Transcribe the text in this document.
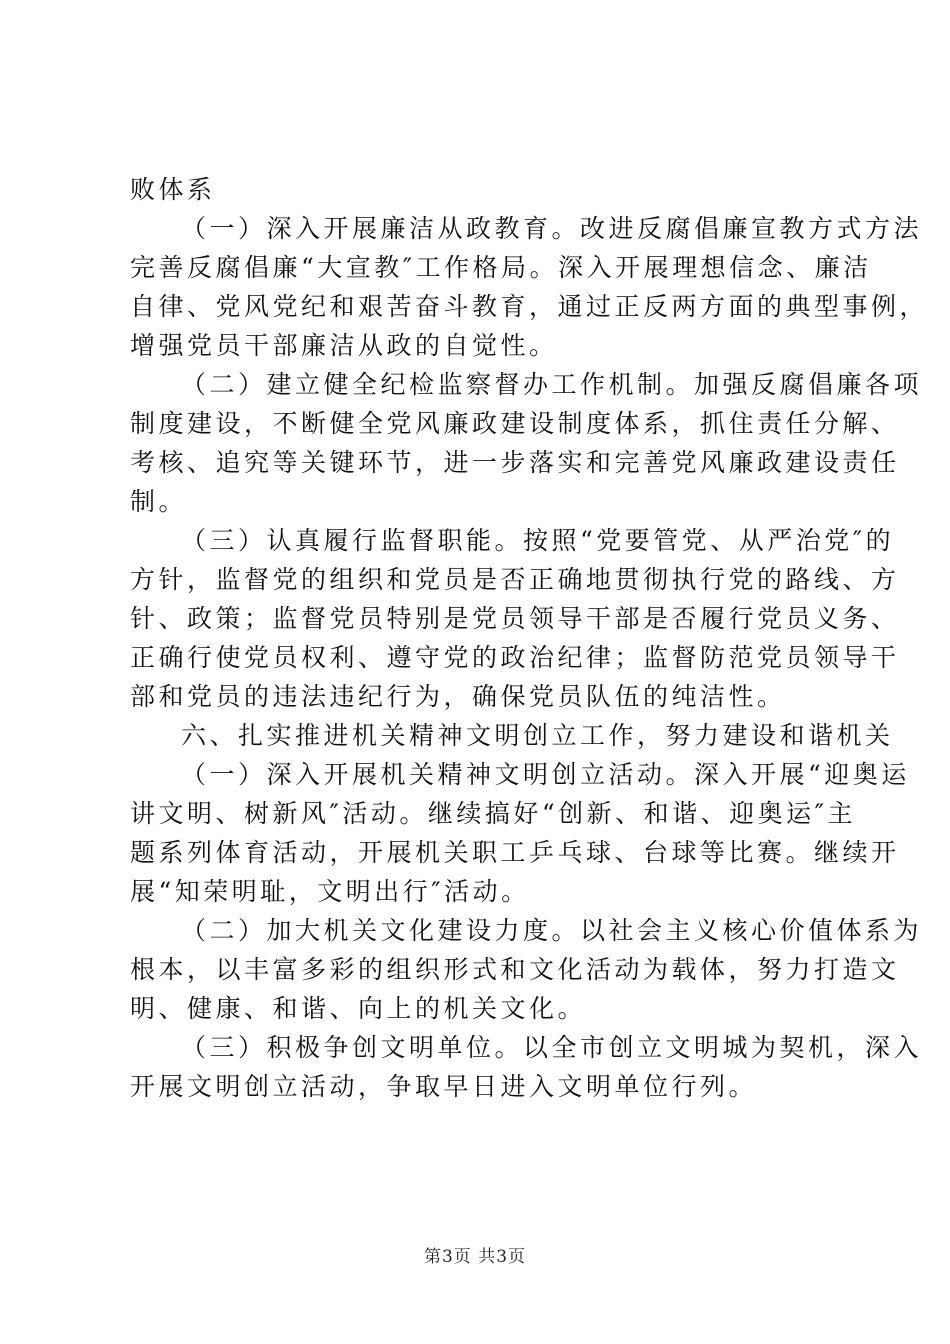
败体系
（一）深入开展廉洁从政教育。改进反腐倡廉宣教方式方法
完善反腐倡廉“大宣教″工作格局。深入开展理想信念、廉洁
自律、党风党纪和艰苦奋斗教育，通过正反两方面的典型事例，
增强党员干部廉洁从政的自觉性。
（二）建立健全纪检监察督办工作机制。加强反腐倡廉各项
制度建设，不断健全党风廉政建设制度体系，抓住责任分解、
考核、追究等关键环节，进一步落实和完善党风廉政建设责任
制。
（三）认真履行监督职能。按照“党要管党、从严治党″的
方针，监督党的组织和党员是否正确地贯彻执行党的路线、方
针、政策；监督党员特别是党员领导干部是否履行党员义务、
正确行使党员权利、遵守党的政治纪律；监督防范党员领导干
部和党员的违法违纪行为，确保党员队伍的纯洁性。
六、扎实推进机关精神文明创立工作，努力建设和谐机关
（一）深入开展机关精神文明创立活动。深入开展“迎奥运
讲文明、树新风″活动。继续搞好“创新、和谐、迎奥运″主
题系列体育活动，开展机关职工乒乓球、台球等比赛。继续开
展“知荣明耻，文明出行″活动。
（二）加大机关文化建设力度。以社会主义核心价值体系为
根本，以丰富多彩的组织形式和文化活动为载体，努力打造文
明、健康、和谐、向上的机关文化。
（三）积极争创文明单位。以全市创立文明城为契机，深入
开展文明创立活动，争取早日进入文明单位行列。
第3页 共3页
